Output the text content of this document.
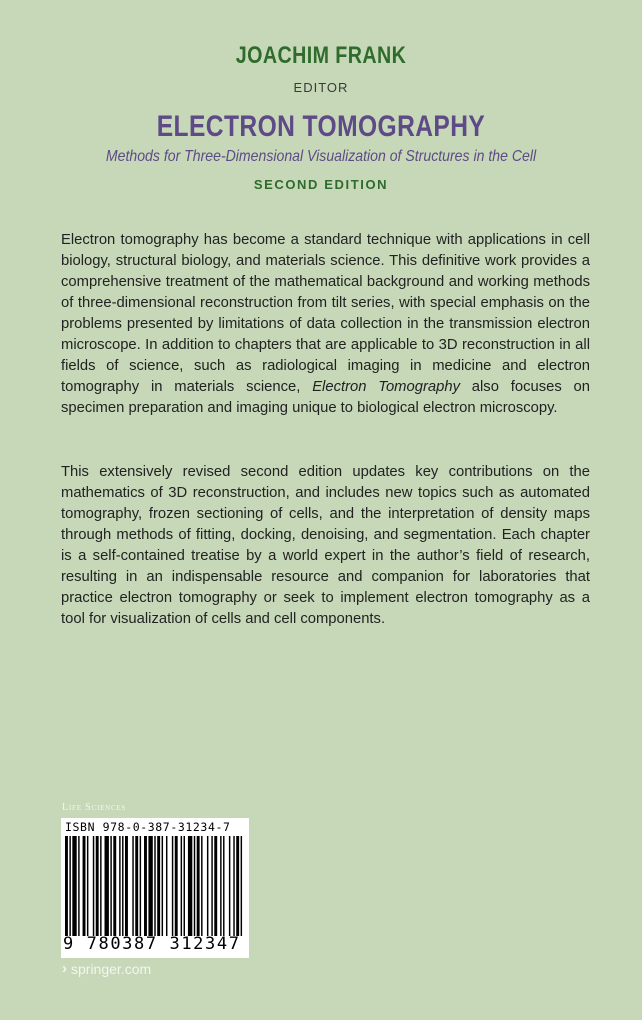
JOACHIM FRANK
EDITOR
ELECTRON TOMOGRAPHY
Methods for Three-Dimensional Visualization of Structures in the Cell
SECOND EDITION

Electron tomography has become a standard technique with applications in cell biology, structural biology, and materials science. This definitive work provides a comprehensive treatment of the mathematical background and working methods of three-dimensional reconstruction from tilt series, with special emphasis on the problems presented by limitations of data collection in the transmission electron microscope. In addition to chapters that are applicable to 3D reconstruction in all fields of science, such as radiological imaging in medicine and electron tomography in materials science, Electron Tomography also focuses on specimen preparation and imaging unique to biological electron microscopy.

This extensively revised second edition updates key contributions on the mathematics of 3D reconstruction, and includes new topics such as automated tomography, frozen sectioning of cells, and the interpretation of density maps through methods of fitting, docking, denoising, and segmentation. Each chapter is a self-contained treatise by a world expert in the author’s field of research, resulting in an indispensable resource and companion for laboratories that practice electron tomography or seek to implement electron tomography as a tool for visualization of cells and cell components.

Life Sciences
ISBN 978-0-387-31234-7
9 780387 312347
› springer.com
